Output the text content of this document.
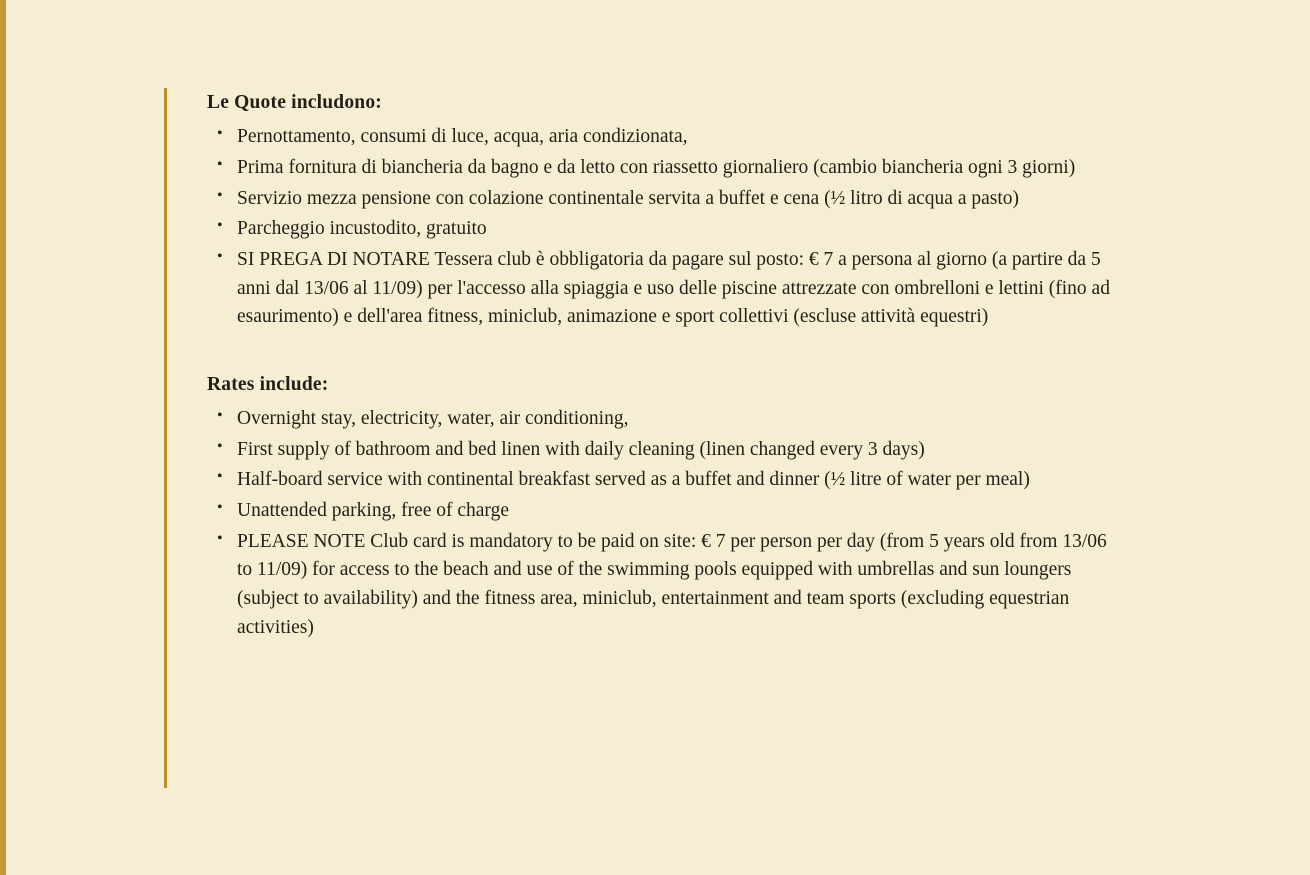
Le Quote includono:
• Pernottamento, consumi di luce, acqua, aria condizionata,
• Prima fornitura di biancheria da bagno e da letto con riassetto giornaliero (cambio biancheria ogni 3 giorni)
• Servizio mezza pensione con colazione continentale servita a buffet e cena (½ litro di acqua a pasto)
• Parcheggio incustodito, gratuito
• SI PREGA DI NOTARE Tessera club è obbligatoria da pagare sul posto: € 7 a persona al giorno (a partire da 5 anni dal 13/06 al 11/09) per l'accesso alla spiaggia e uso delle piscine attrezzate con ombrelloni e lettini (fino ad esaurimento) e dell'area fitness, miniclub, animazione e sport collettivi (escluse attività equestri)
Rates include:
• Overnight stay, electricity, water, air conditioning,
• First supply of bathroom and bed linen with daily cleaning (linen changed every 3 days)
• Half-board service with continental breakfast served as a buffet and dinner (½ litre of water per meal)
• Unattended parking, free of charge
• PLEASE NOTE Club card is mandatory to be paid on site: € 7 per person per day (from 5 years old from 13/06 to 11/09) for access to the beach and use of the swimming pools equipped with umbrellas and sun loungers (subject to availability) and the fitness area, miniclub, entertainment and team sports (excluding equestrian activities)
